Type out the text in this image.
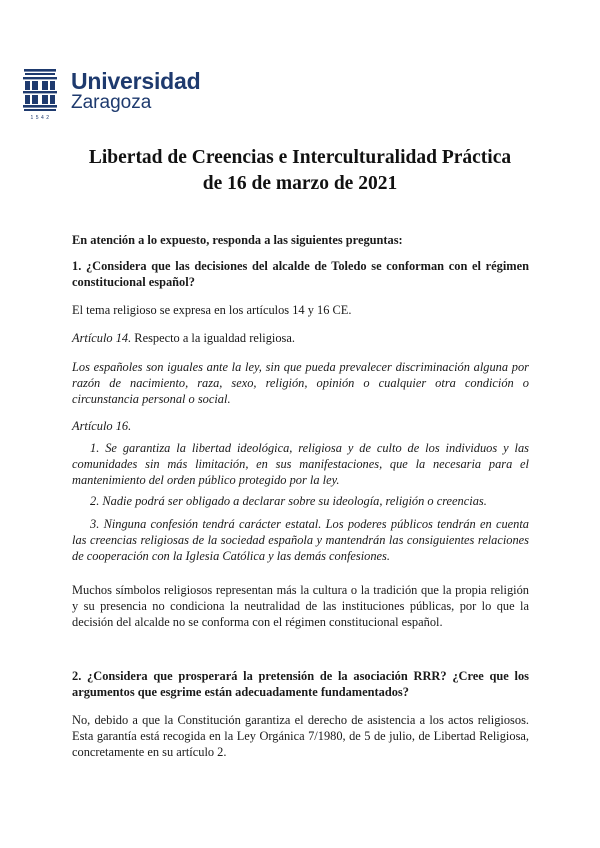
1542
Universidad
Zaragoza
Libertad de Creencias e Interculturalidad Práctica
de 16 de marzo de 2021
En atención a lo expuesto, responda a las siguientes preguntas:
1. ¿Considera que las decisiones del alcalde de Toledo se conforman con el régimen constitucional español?
El tema religioso se expresa en los artículos 14 y 16 CE.
Artículo 14. Respecto a la igualdad religiosa.
Los españoles son iguales ante la ley, sin que pueda prevalecer discriminación alguna por razón de nacimiento, raza, sexo, religión, opinión o cualquier otra condición o circunstancia personal o social.
Artículo 16.
1. Se garantiza la libertad ideológica, religiosa y de culto de los individuos y las comunidades sin más limitación, en sus manifestaciones, que la necesaria para el mantenimiento del orden público protegido por la ley.
2. Nadie podrá ser obligado a declarar sobre su ideología, religión o creencias.
3. Ninguna confesión tendrá carácter estatal. Los poderes públicos tendrán en cuenta las creencias religiosas de la sociedad española y mantendrán las consiguientes relaciones de cooperación con la Iglesia Católica y las demás confesiones.
Muchos símbolos religiosos representan más la cultura o la tradición que la propia religión y su presencia no condiciona la neutralidad de las instituciones públicas, por lo que la decisión del alcalde no se conforma con el régimen constitucional español.
2. ¿Considera que prosperará la pretensión de la asociación RRR? ¿Cree que los argumentos que esgrime están adecuadamente fundamentados?
No, debido a que la Constitución garantiza el derecho de asistencia a los actos religiosos. Esta garantía está recogida en la Ley Orgánica 7/1980, de 5 de julio, de Libertad Religiosa, concretamente en su artículo 2.
